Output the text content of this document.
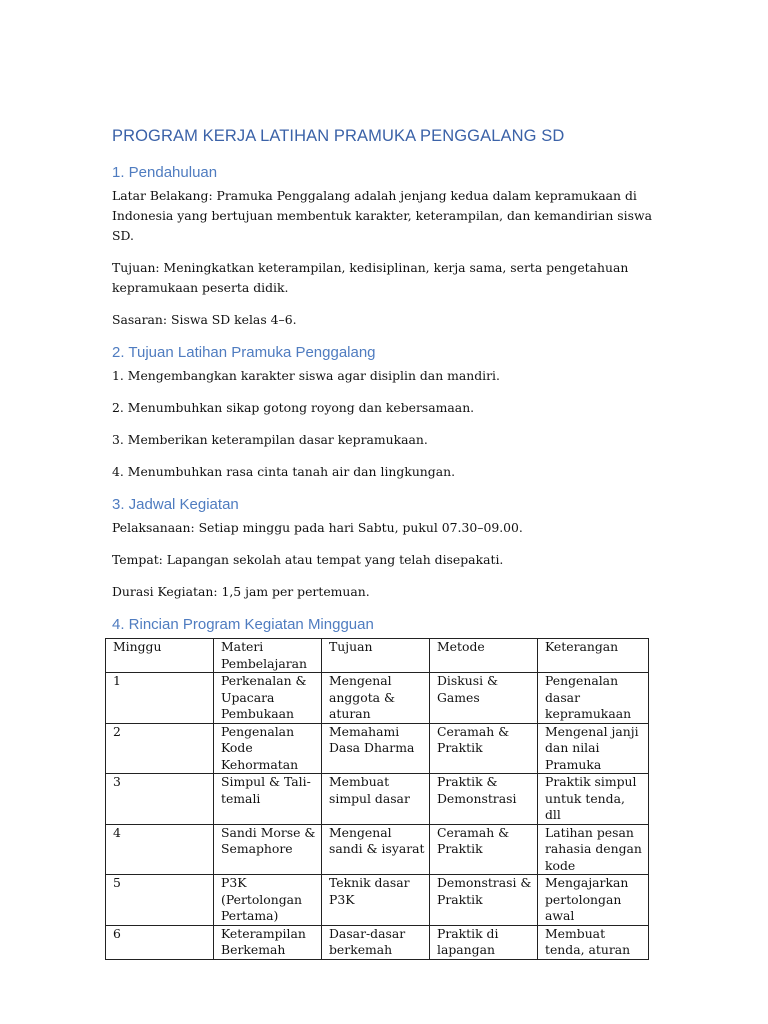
PROGRAM KERJA LATIHAN PRAMUKA PENGGALANG SD
1. Pendahuluan

Latar Belakang: Pramuka Penggalang adalah jenjang kedua dalam kepramukaan di Indonesia yang bertujuan membentuk karakter, keterampilan, dan kemandirian siswa SD.

Tujuan: Meningkatkan keterampilan, kedisiplinan, kerja sama, serta pengetahuan kepramukaan peserta didik.

Sasaran: Siswa SD kelas 4–6.

2. Tujuan Latihan Pramuka Penggalang

1. Mengembangkan karakter siswa agar disiplin dan mandiri.

2. Menumbuhkan sikap gotong royong dan kebersamaan.

3. Memberikan keterampilan dasar kepramukaan.

4. Menumbuhkan rasa cinta tanah air dan lingkungan.

3. Jadwal Kegiatan

Pelaksanaan: Setiap minggu pada hari Sabtu, pukul 07.30–09.00.

Tempat: Lapangan sekolah atau tempat yang telah disepakati.

Durasi Kegiatan: 1,5 jam per pertemuan.

4. Rincian Program Kegiatan Mingguan
Minggu	Materi Pembelajaran	Tujuan	Metode	Keterangan
1	Perkenalan & Upacara Pembukaan	Mengenal anggota & aturan	Diskusi & Games	Pengenalan dasar kepramukaan
2	Pengenalan Kode Kehormatan	Memahami Dasa Dharma	Ceramah & Praktik	Mengenal janji dan nilai Pramuka
3	Simpul & Tali-temali	Membuat simpul dasar	Praktik & Demonstrasi	Praktik simpul untuk tenda, dll
4	Sandi Morse & Semaphore	Mengenal sandi & isyarat	Ceramah & Praktik	Latihan pesan rahasia dengan kode
5	P3K (Pertolongan Pertama)	Teknik dasar P3K	Demonstrasi & Praktik	Mengajarkan pertolongan awal
6	Keterampilan Berkemah	Dasar-dasar berkemah	Praktik di lapangan	Membuat tenda, aturan
